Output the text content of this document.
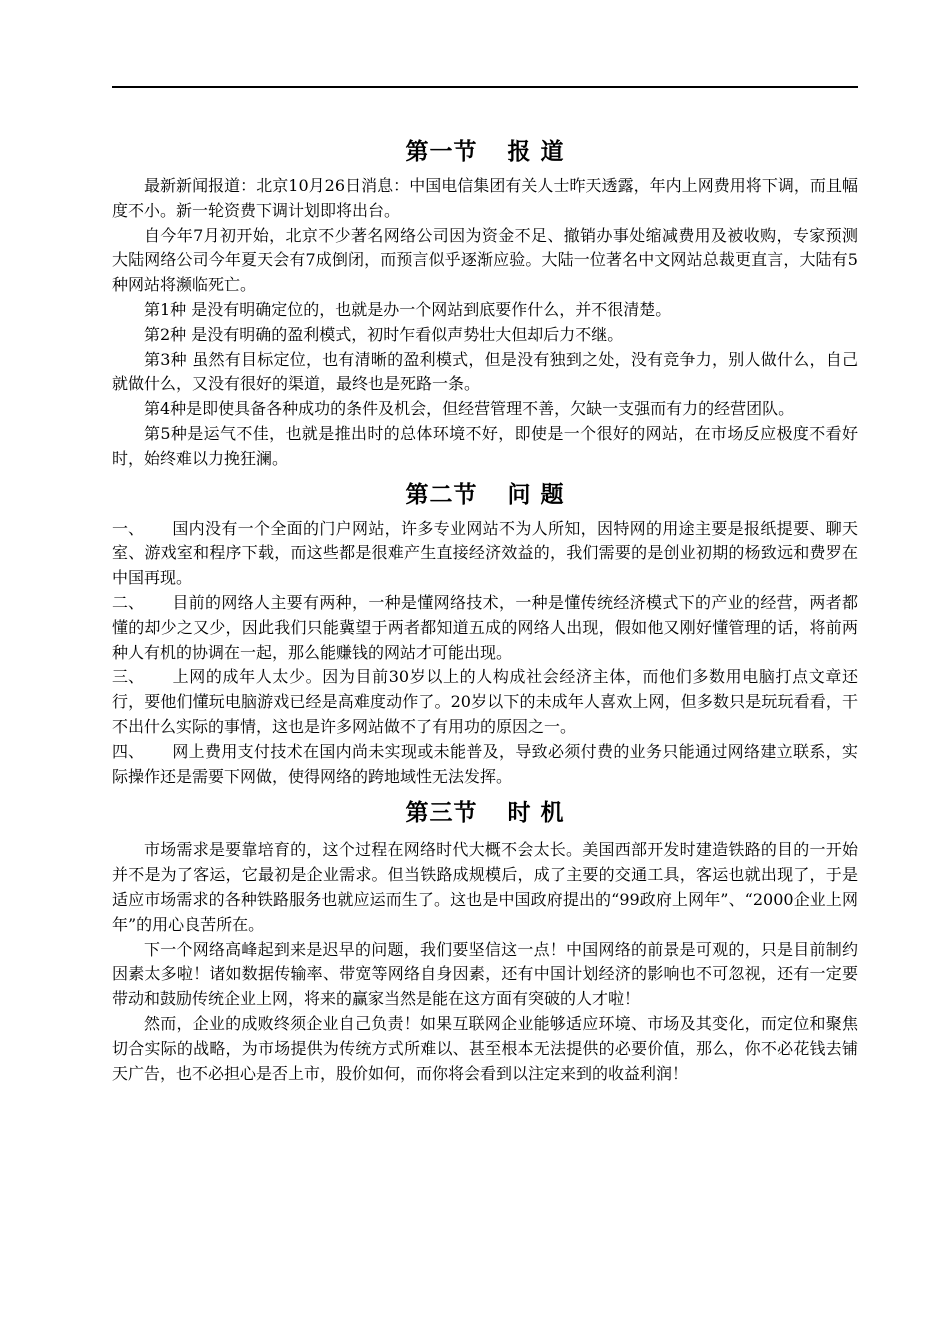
第一节 报 道

最新新闻报道：北京10月26日消息：中国电信集团有关人士昨天透露，年内上网费用将下调，而且幅度不小。新一轮资费下调计划即将出台。

自今年7月初开始，北京不少著名网络公司因为资金不足、撤销办事处缩减费用及被收购，专家预测大陆网络公司今年夏天会有7成倒闭，而预言似乎逐渐应验。大陆一位著名中文网站总裁更直言，大陆有5种网站将濒临死亡。

第1种 是没有明确定位的，也就是办一个网站到底要作什么，并不很清楚。

第2种 是没有明确的盈利模式，初时乍看似声势壮大但却后力不继。

第3种 虽然有目标定位，也有清晰的盈利模式，但是没有独到之处，没有竞争力，别人做什么，自己就做什么，又没有很好的渠道，最终也是死路一条。

第4种是即使具备各种成功的条件及机会，但经营管理不善，欠缺一支强而有力的经营团队。

第5种是运气不佳，也就是推出时的总体环境不好，即使是一个很好的网站，在市场反应极度不看好时，始终难以力挽狂澜。

第二节 问 题

一、 国内没有一个全面的门户网站，许多专业网站不为人所知，因特网的用途主要是报纸提要、聊天室、游戏室和程序下载，而这些都是很难产生直接经济效益的，我们需要的是创业初期的杨致远和费罗在中国再现。

二、 目前的网络人主要有两种，一种是懂网络技术，一种是懂传统经济模式下的产业的经营，两者都懂的却少之又少，因此我们只能冀望于两者都知道五成的网络人出现，假如他又刚好懂管理的话，将前两种人有机的协调在一起，那么能赚钱的网站才可能出现。

三、 上网的成年人太少。因为目前30岁以上的人构成社会经济主体，而他们多数用电脑打点文章还行，要他们懂玩电脑游戏已经是高难度动作了。20岁以下的未成年人喜欢上网，但多数只是玩玩看看，干不出什么实际的事情，这也是许多网站做不了有用功的原因之一。

四、 网上费用支付技术在国内尚未实现或未能普及，导致必须付费的业务只能通过网络建立联系，实际操作还是需要下网做，使得网络的跨地域性无法发挥。

第三节 时 机

市场需求是要靠培育的，这个过程在网络时代大概不会太长。美国西部开发时建造铁路的目的一开始并不是为了客运，它最初是企业需求。但当铁路成规模后，成了主要的交通工具，客运也就出现了，于是适应市场需求的各种铁路服务也就应运而生了。这也是中国政府提出的“99政府上网年”、“2000企业上网年”的用心良苦所在。

下一个网络高峰起到来是迟早的问题，我们要坚信这一点！中国网络的前景是可观的，只是目前制约因素太多啦！诸如数据传输率、带宽等网络自身因素，还有中国计划经济的影响也不可忽视，还有一定要带动和鼓励传统企业上网，将来的赢家当然是能在这方面有突破的人才啦！

然而，企业的成败终须企业自己负责！如果互联网企业能够适应环境、市场及其变化，而定位和聚焦切合实际的战略，为市场提供为传统方式所难以、甚至根本无法提供的必要价值，那么，你不必花钱去铺天广告，也不必担心是否上市，股价如何，而你将会看到以注定来到的收益利润！
